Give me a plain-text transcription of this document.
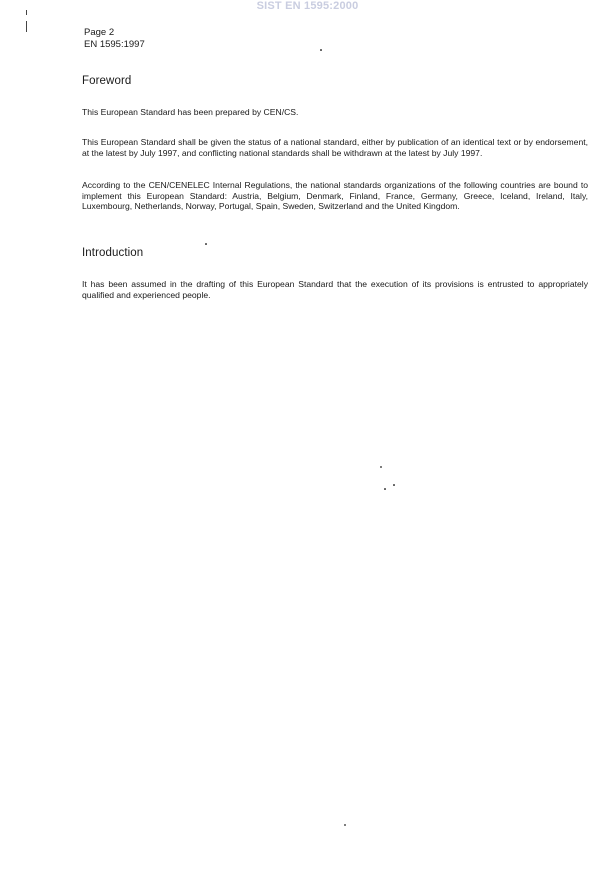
SIST EN 1595:2000
Page 2
EN 1595:1997
Foreword

This European Standard has been prepared by CEN/CS.

This European Standard shall be given the status of a national standard, either by publication of an identical text or by endorsement, at the latest by July 1997, and conflicting national standards shall be withdrawn at the latest by July 1997.

According to the CEN/CENELEC Internal Regulations, the national standards organizations of the following countries are bound to implement this European Standard: Austria, Belgium, Denmark, Finland, France, Germany, Greece, Iceland, Ireland, Italy, Luxembourg, Netherlands, Norway, Portugal, Spain, Sweden, Switzerland and the United Kingdom.

Introduction

It has been assumed in the drafting of this European Standard that the execution of its provisions is entrusted to appropriately qualified and experienced people.
